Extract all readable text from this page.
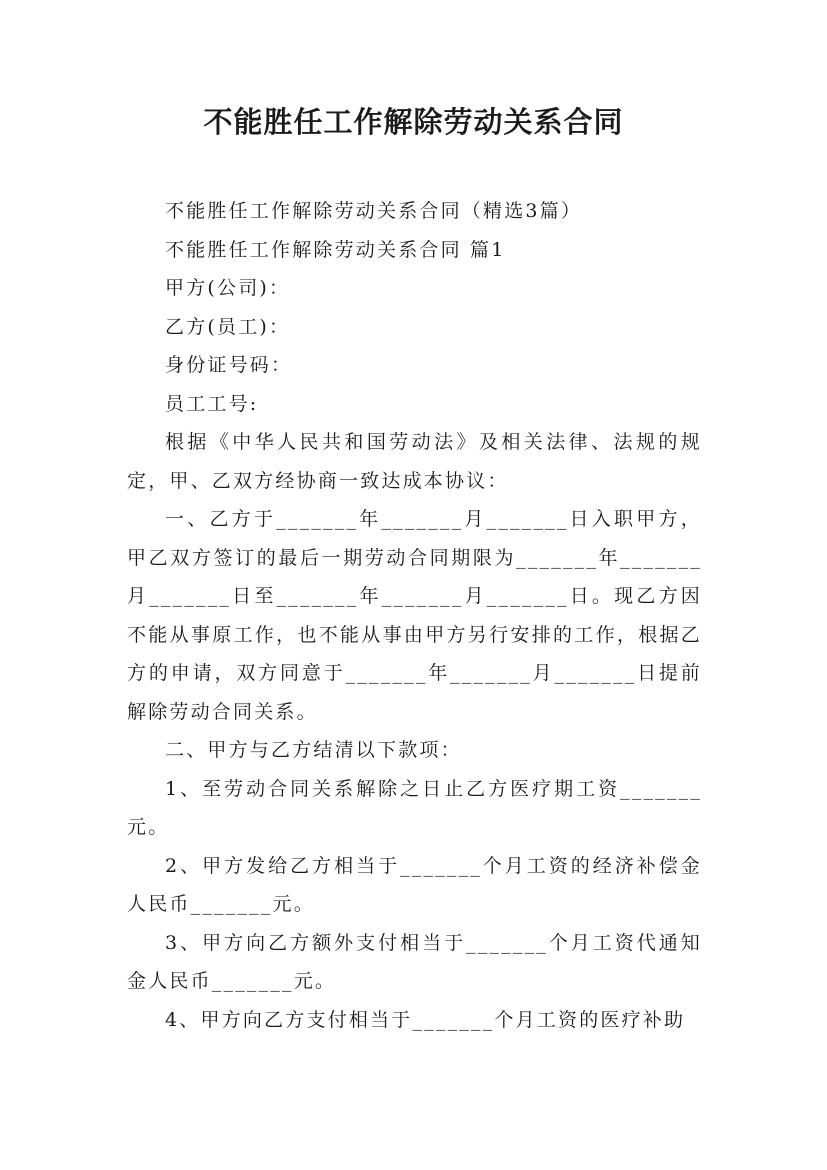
不能胜任工作解除劳动关系合同

不能胜任工作解除劳动关系合同（精选3篇）

不能胜任工作解除劳动关系合同 篇1

甲方(公司)：

乙方(员工)：

身份证号码：

员工工号:

根据《中华人民共和国劳动法》及相关法律、法规的规定，甲、乙双方经协商一致达成本协议：

一、乙方于_______年_______月_______日入职甲方，甲乙双方签订的最后一期劳动合同期限为_______年_______月_______日至_______年_______月_______日。现乙方因不能从事原工作，也不能从事由甲方另行安排的工作，根据乙方的申请，双方同意于_______年_______月_______日提前解除劳动合同关系。

二、甲方与乙方结清以下款项：

1、至劳动合同关系解除之日止乙方医疗期工资_______元。

2、甲方发给乙方相当于_______个月工资的经济补偿金人民币_______元。

3、甲方向乙方额外支付相当于_______个月工资代通知金人民币_______元。

4、甲方向乙方支付相当于_______个月工资的医疗补助
